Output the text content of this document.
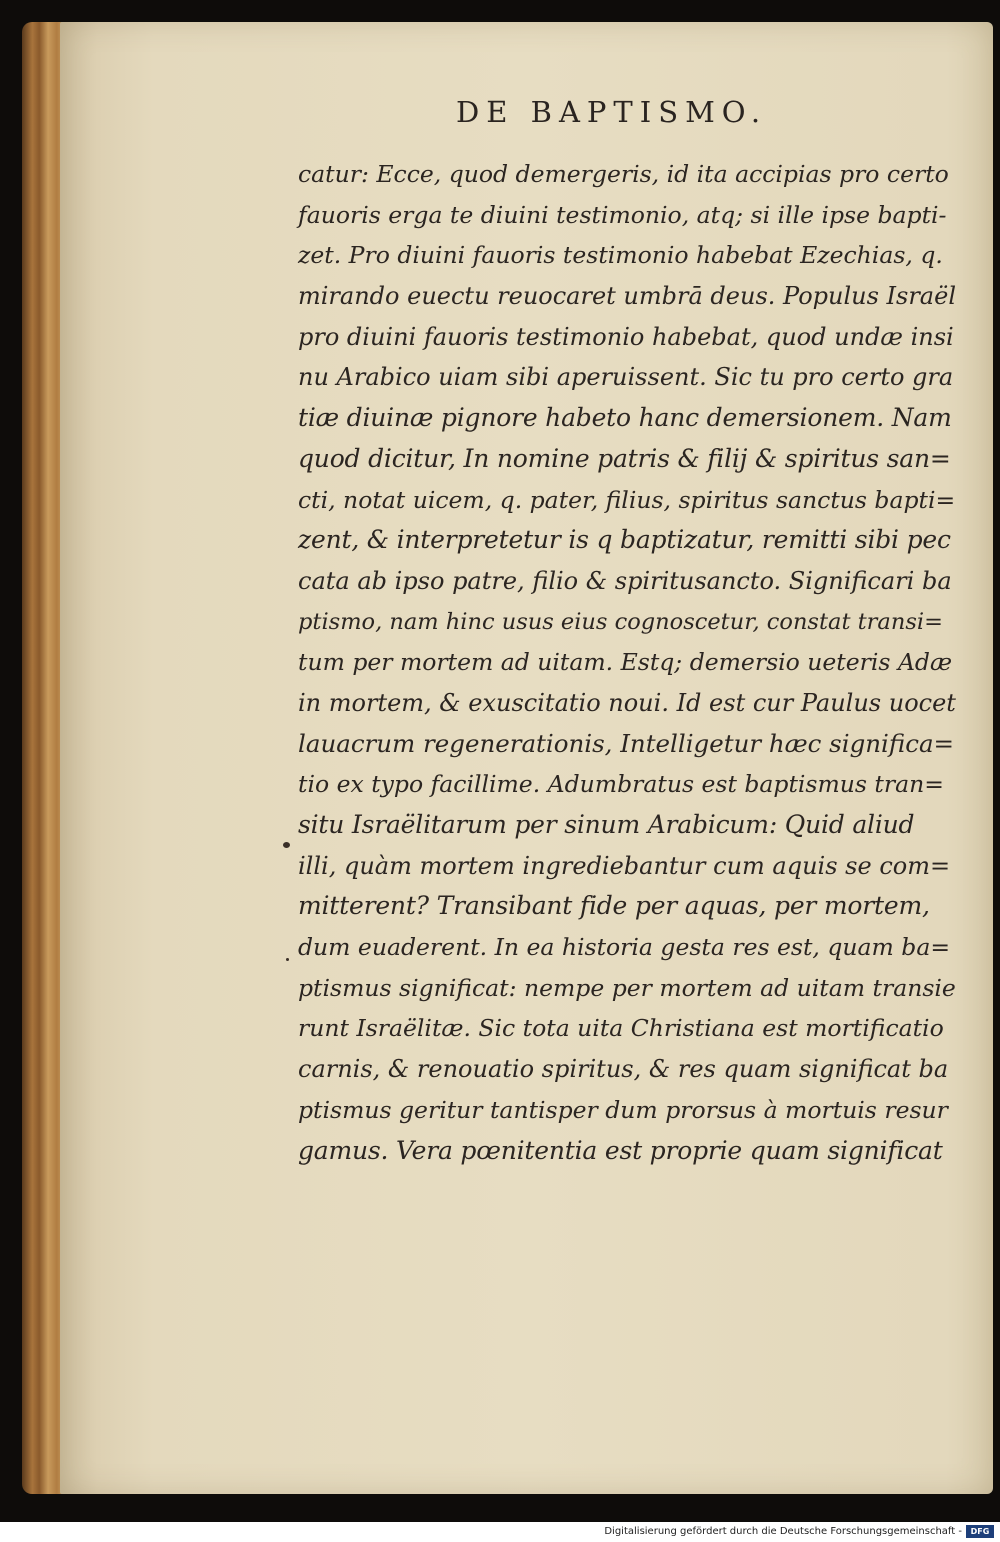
DE BAPTISMO.
catur: Ecce, quod demergeris, id ita accipias pro certo
fauoris erga te diuini testimonio, atq; si ille ipse bapti-
zet. Pro diuini fauoris testimonio habebat Ezechias, q.
mirando euectu reuocaret umbrā deus. Populus Israël
pro diuini fauoris testimonio habebat, quod undæ insi
nu Arabico uiam sibi aperuissent. Sic tu pro certo gra
tiæ diuinæ pignore habeto hanc demersionem. Nam
quod dicitur, In nomine patris & filij & spiritus san=
cti, notat uicem, q. pater, filius, spiritus sanctus bapti=
zent, & interpretetur is q baptizatur, remitti sibi pec
cata ab ipso patre, filio & spiritusancto. Significari ba
ptismo, nam hinc usus eius cognoscetur, constat transi=
tum per mortem ad uitam. Estq; demersio ueteris Adæ
in mortem, & exuscitatio noui. Id est cur Paulus uocet
lauacrum regenerationis, Intelligetur hæc significa=
tio ex typo facillime. Adumbratus est baptismus tran=
situ Israëlitarum per sinum Arabicum: Quid aliud
illi, quàm mortem ingrediebantur cum aquis se com=
mitterent? Transibant fide per aquas, per mortem,
dum euaderent. In ea historia gesta res est, quam ba=
ptismus significat: nempe per mortem ad uitam transie
runt Israëlitæ. Sic tota uita Christiana est mortificatio
carnis, & renouatio spiritus, & res quam significat ba
ptismus geritur tantisper dum prorsus à mortuis resur
gamus. Vera pœnitentia est proprie quam significat
Digitalisierung gefördert durch die Deutsche Forschungsgemeinschaft -	DFG
